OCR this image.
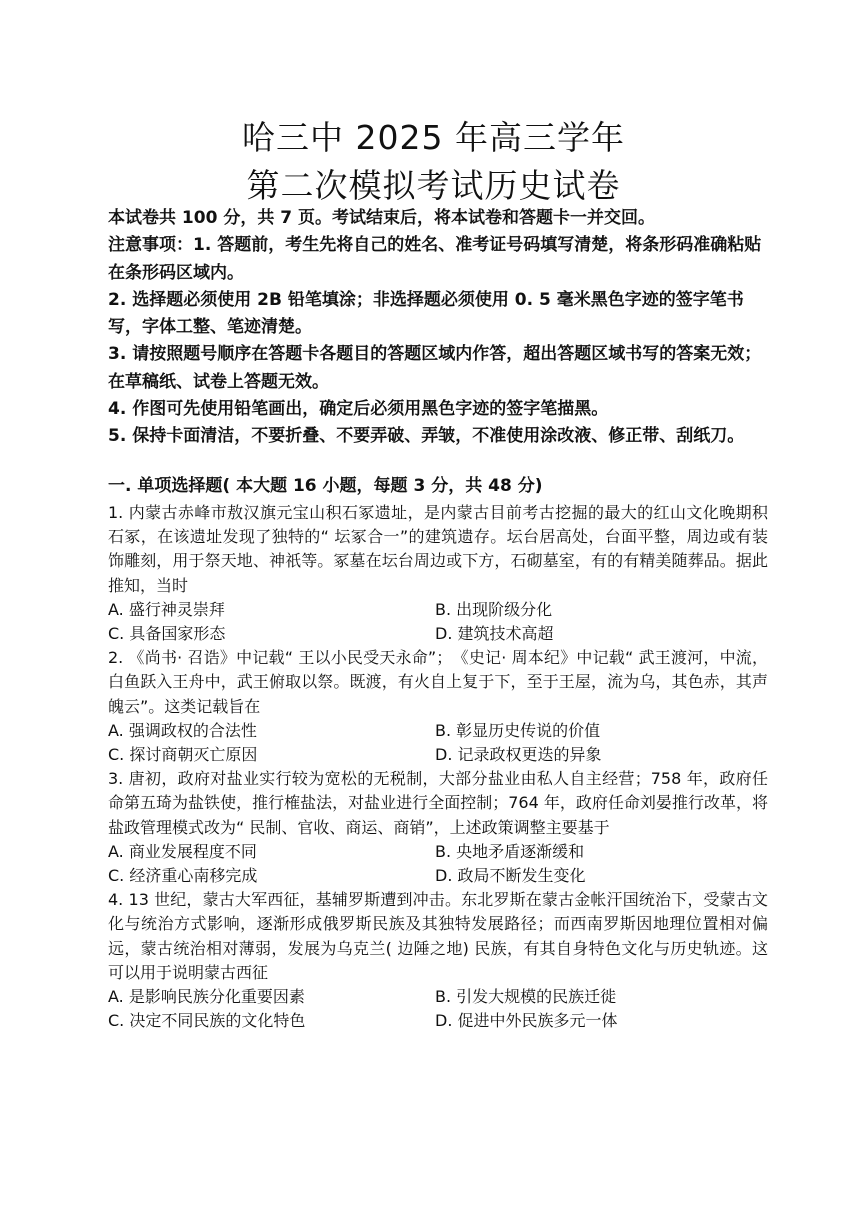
哈三中 2025 年高三学年
第二次模拟考试历史试卷

本试卷共 100 分，共 7 页。考试结束后，将本试卷和答题卡一并交回。

注意事项：1. 答题前，考生先将自己的姓名、准考证号码填写清楚，将条形码准确粘贴在条形码区域内。

2. 选择题必须使用 2B 铅笔填涂；非选择题必须使用 0. 5 毫米黑色字迹的签字笔书写，字体工整、笔迹清楚。

3. 请按照题号顺序在答题卡各题目的答题区域内作答，超出答题区域书写的答案无效；在草稿纸、试卷上答题无效。

4. 作图可先使用铅笔画出，确定后必须用黑色字迹的签字笔描黑。

5. 保持卡面清洁，不要折叠、不要弄破、弄皱，不准使用涂改液、修正带、刮纸刀。

一. 单项选择题( 本大题 16 小题，每题 3 分，共 48 分)
1. 内蒙古赤峰市敖汉旗元宝山积石冢遗址，是内蒙古目前考古挖掘的最大的红山文化晚期积石冢，在该遗址发现了独特的“ 坛冢合一”的建筑遗存。坛台居高处，台面平整，周边或有装饰雕刻，用于祭天地、神祇等。冢墓在坛台周边或下方，石砌墓室，有的有精美随葬品。据此推知，当时
A. 盛行神灵崇拜	B. 出现阶级分化
C. 具备国家形态	D. 建筑技术高超
2. 《尚书· 召诰》中记载“ 王以小民受天永命”；　《史记· 周本纪》中记载“ 武王渡河，中流，白鱼跃入王舟中，武王俯取以祭。既渡，有火自上复于下，至于王屋，流为乌，其色赤，其声魄云”。这类记载旨在
A. 强调政权的合法性	B. 彰显历史传说的价值
C. 探讨商朝灭亡原因	D. 记录政权更迭的异象
3. 唐初，政府对盐业实行较为宽松的无税制，大部分盐业由私人自主经营；758 年，政府任命第五琦为盐铁使，推行榷盐法，对盐业进行全面控制；764 年，政府任命刘晏推行改革，将盐政管理模式改为“ 民制、官收、商运、商销”，上述政策调整主要基于
A. 商业发展程度不同	B. 央地矛盾逐渐缓和
C. 经济重心南移完成	D. 政局不断发生变化
4. 13 世纪，蒙古大军西征，基辅罗斯遭到冲击。东北罗斯在蒙古金帐汗国统治下，受蒙古文化与统治方式影响，逐渐形成俄罗斯民族及其独特发展路径；而西南罗斯因地理位置相对偏远，蒙古统治相对薄弱，发展为乌克兰( 边陲之地) 民族，有其自身特色文化与历史轨迹。这可以用于说明蒙古西征
A. 是影响民族分化重要因素	B. 引发大规模的民族迁徙
C. 决定不同民族的文化特色	D. 促进中外民族多元一体
